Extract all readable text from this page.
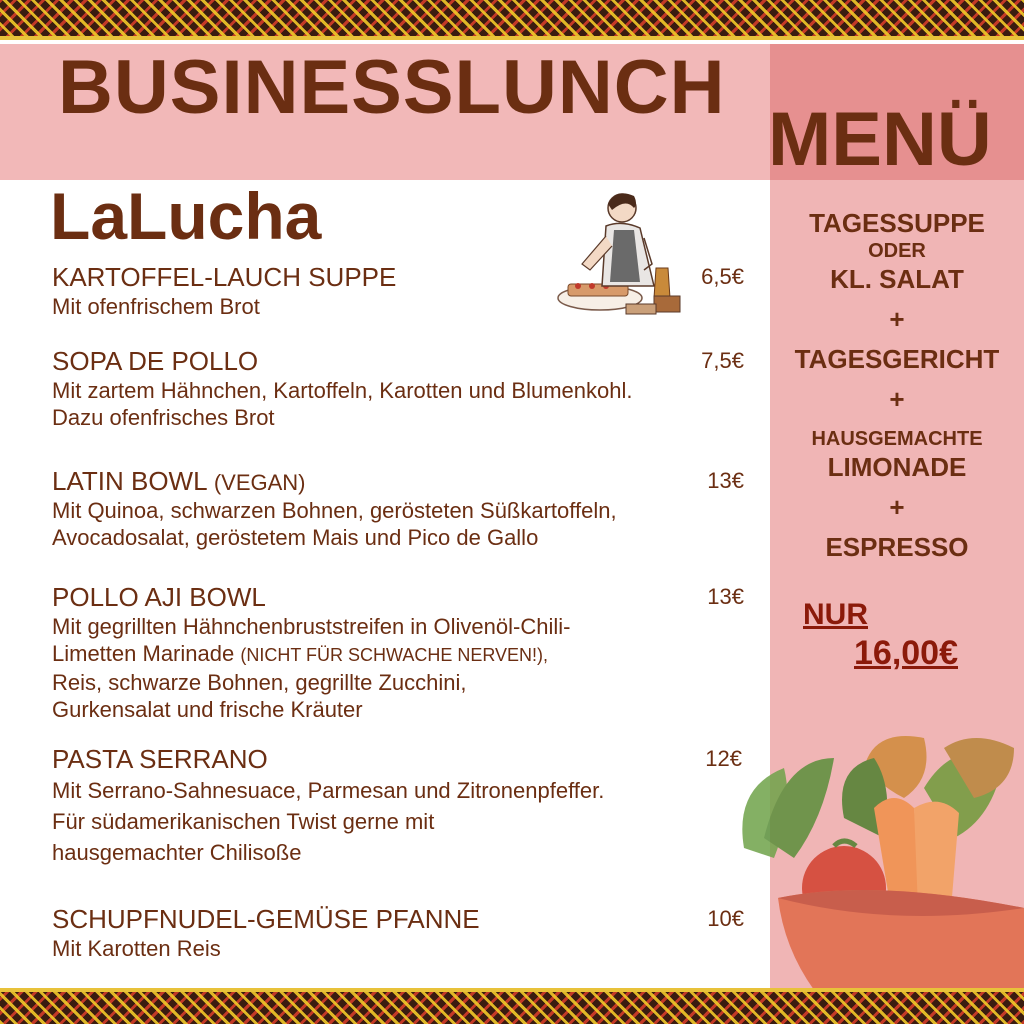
BUSINESSLUNCH
MENÜ
LaLucha
KARTOFFEL-LAUCH SUPPE	6,5€
Mit ofenfrischem Brot
SOPA DE POLLO	7,5€
Mit zartem Hähnchen, Kartoffeln, Karotten und Blumenkohl.
Dazu ofenfrisches Brot
LATIN BOWL (VEGAN)	13€
Mit Quinoa, schwarzen Bohnen, gerösteten Süßkartoffeln,
Avocadosalat, geröstetem Mais und Pico de Gallo
POLLO AJI BOWL	13€
Mit gegrillten Hähnchenbruststreifen in Olivenöl-Chili-
Limetten Marinade (NICHT FÜR SCHWACHE NERVEN!),
Reis, schwarze Bohnen, gegrillte Zucchini,
Gurkensalat und frische Kräuter
PASTA SERRANO	12€
Mit Serrano-Sahnesuace, Parmesan und Zitronenpfeffer.
Für südamerikanischen Twist gerne mit
hausgemachter Chilisoße
SCHUPFNUDEL-GEMÜSE PFANNE	10€
Mit Karotten Reis
TAGESSUPPE
ODER
KL. SALAT
+
TAGESGERICHT
+
HAUSGEMACHTE
LIMONADE
+
ESPRESSO
NUR
16,00€
